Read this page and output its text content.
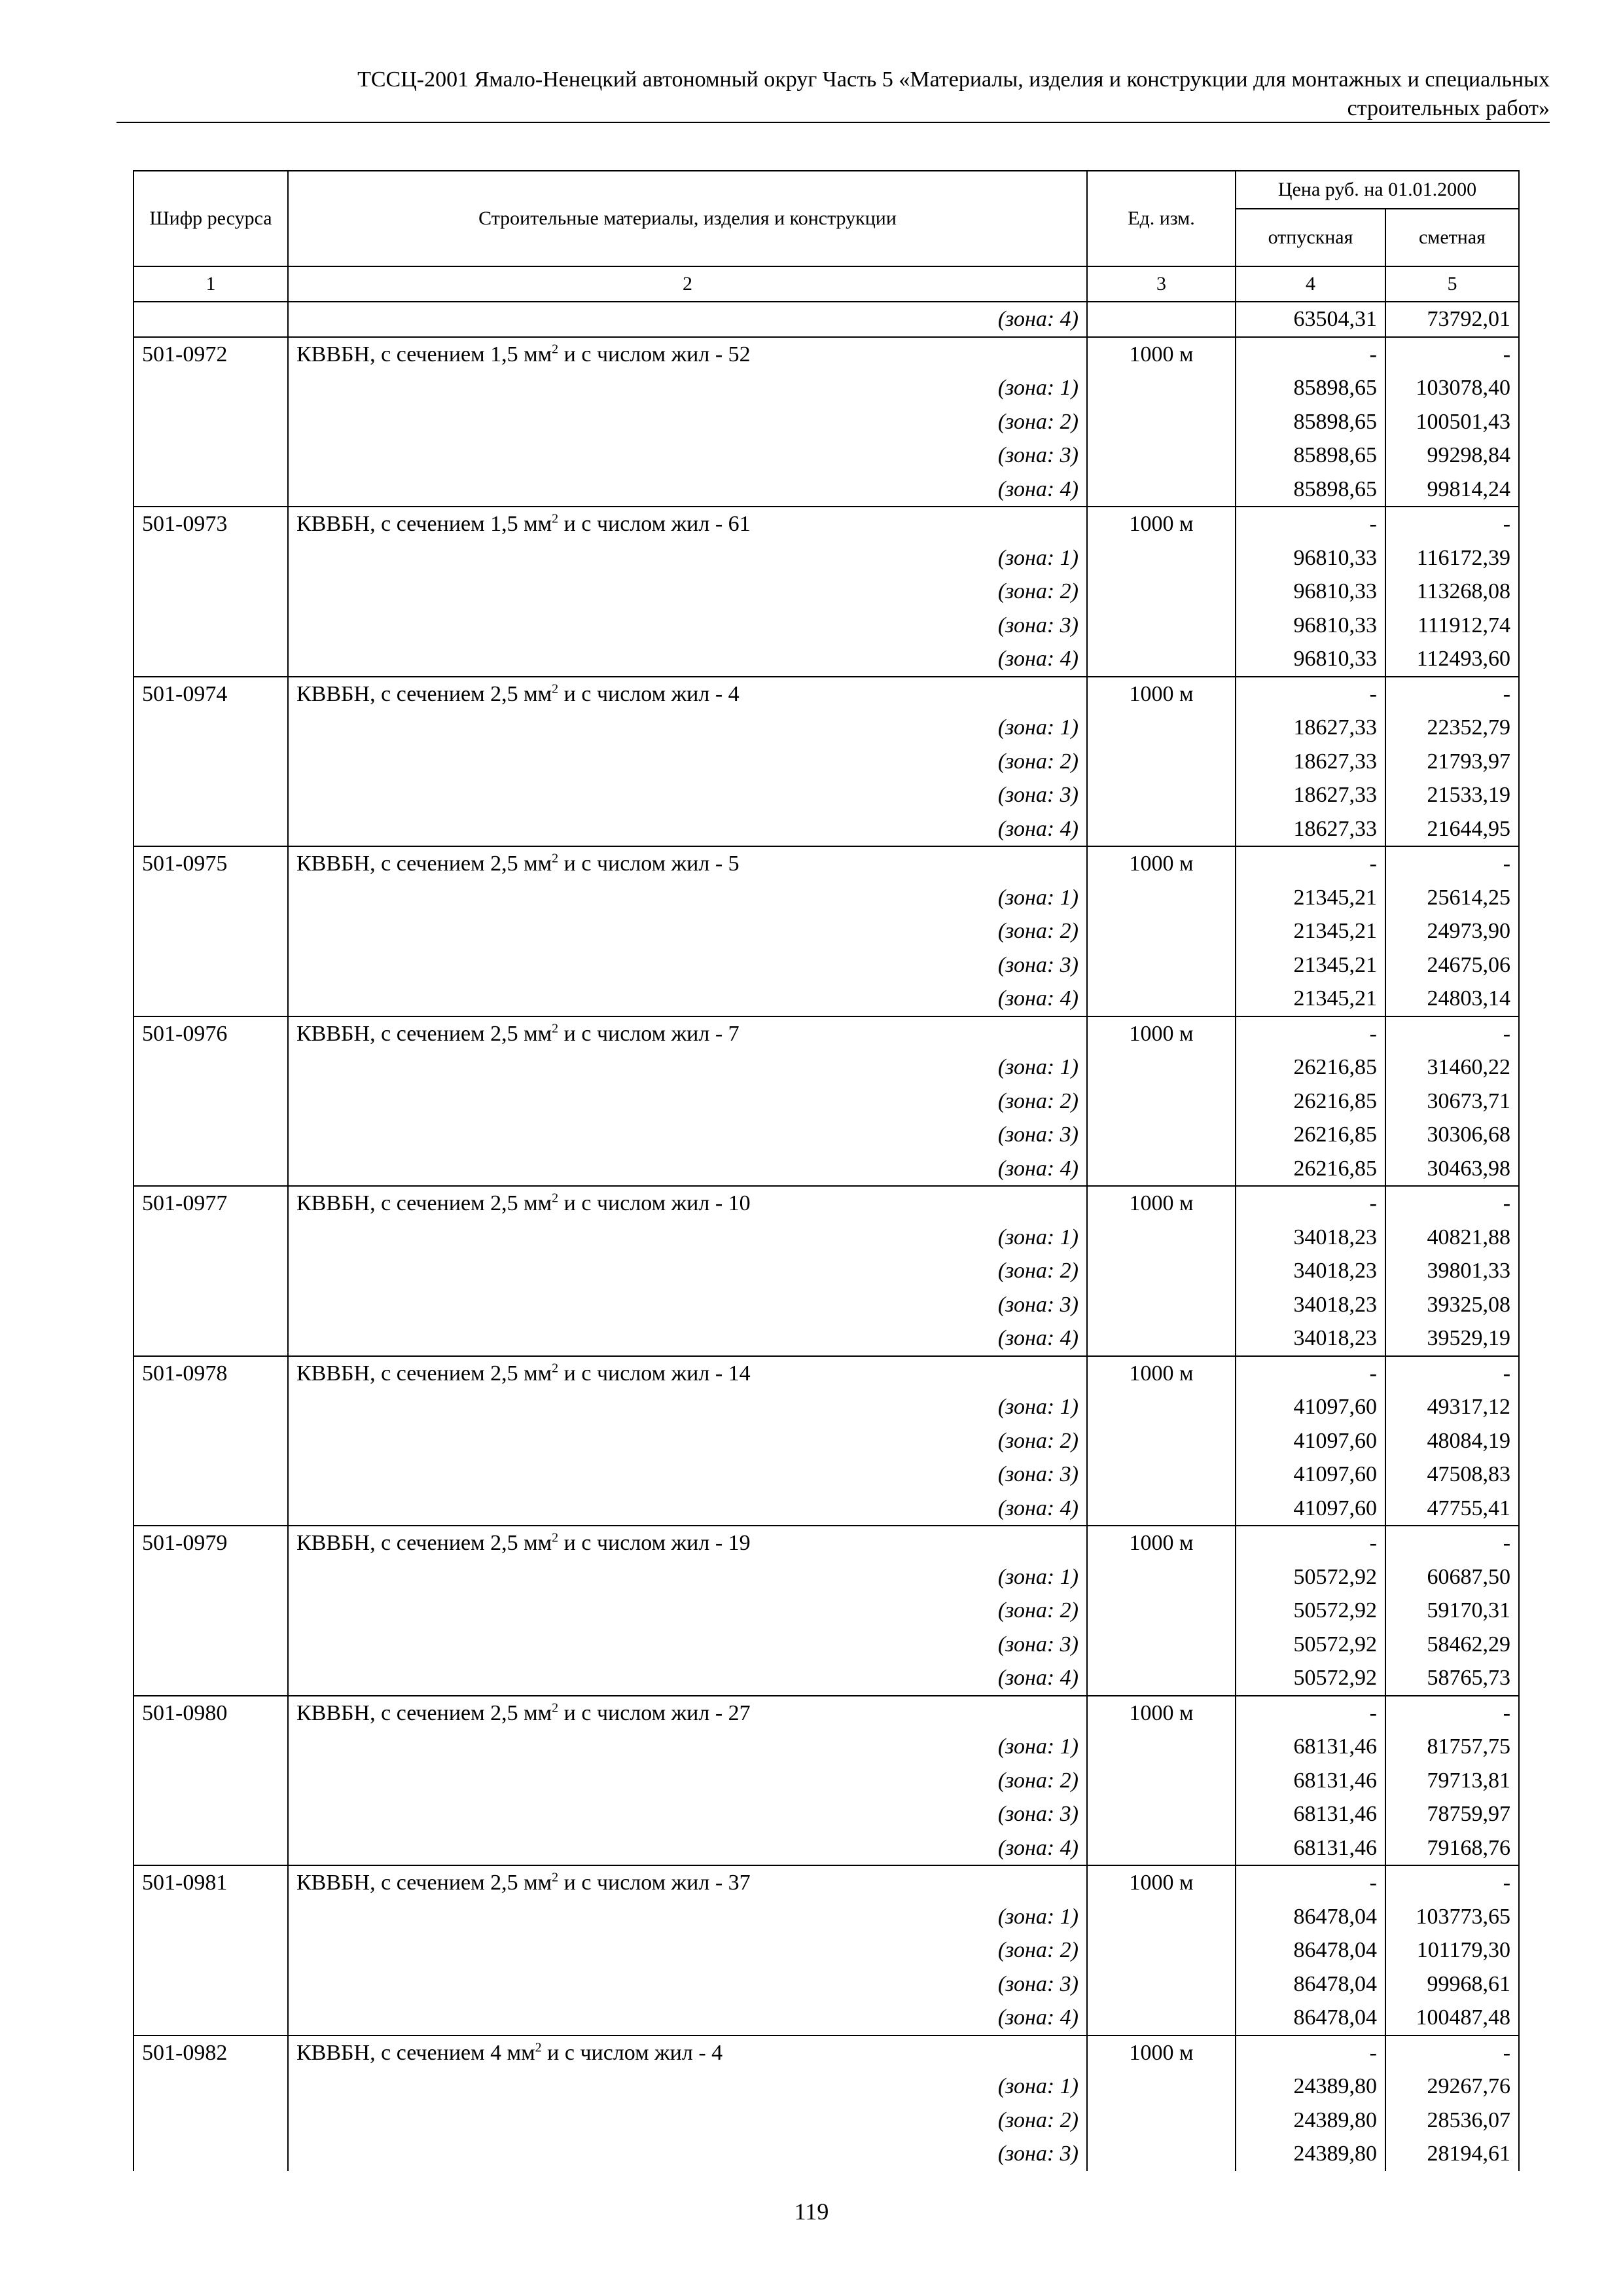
ТССЦ-2001 Ямало-Ненецкий автономный округ Часть 5 «Материалы, изделия и конструкции для монтажных и специальных
строительных работ»
Шифр ресурса	Строительные материалы, изделия и конструкции	Ед. изм.	Цена руб. на 01.01.2000	
			отпускная	сметная
1	2	3	4	5
	(зона: 4)		63504,31	73792,01
501-0972	КВВБН, с сечением 1,5 $мм^2$ и с числом жил - 52	1000 м	-	-
	(зона: 1)		85898,65	103078,40
	(зона: 2)		85898,65	100501,43
	(зона: 3)		85898,65	99298,84
	(зона: 4)		85898,65	99814,24
501-0973	КВВБН, с сечением 1,5 $мм^2$ и с числом жил - 61	1000 м	-	-
	(зона: 1)		96810,33	116172,39
	(зона: 2)		96810,33	113268,08
	(зона: 3)		96810,33	111912,74
	(зона: 4)		96810,33	112493,60
501-0974	КВВБН, с сечением 2,5 $мм^2$ и с числом жил - 4	1000 м	-	-
	(зона: 1)		18627,33	22352,79
	(зона: 2)		18627,33	21793,97
	(зона: 3)		18627,33	21533,19
	(зона: 4)		18627,33	21644,95
501-0975	КВВБН, с сечением 2,5 $мм^2$ и с числом жил - 5	1000 м	-	-
	(зона: 1)		21345,21	25614,25
	(зона: 2)		21345,21	24973,90
	(зона: 3)		21345,21	24675,06
	(зона: 4)		21345,21	24803,14
501-0976	КВВБН, с сечением 2,5 $мм^2$ и с числом жил - 7	1000 м	-	-
	(зона: 1)		26216,85	31460,22
	(зона: 2)		26216,85	30673,71
	(зона: 3)		26216,85	30306,68
	(зона: 4)		26216,85	30463,98
501-0977	КВВБН, с сечением 2,5 $мм^2$ и с числом жил - 10	1000 м	-	-
	(зона: 1)		34018,23	40821,88
	(зона: 2)		34018,23	39801,33
	(зона: 3)		34018,23	39325,08
	(зона: 4)		34018,23	39529,19
501-0978	КВВБН, с сечением 2,5 $мм^2$ и с числом жил - 14	1000 м	-	-
	(зона: 1)		41097,60	49317,12
	(зона: 2)		41097,60	48084,19
	(зона: 3)		41097,60	47508,83
	(зона: 4)		41097,60	47755,41
501-0979	КВВБН, с сечением 2,5 $мм^2$ и с числом жил - 19	1000 м	-	-
	(зона: 1)		50572,92	60687,50
	(зона: 2)		50572,92	59170,31
	(зона: 3)		50572,92	58462,29
	(зона: 4)		50572,92	58765,73
501-0980	КВВБН, с сечением 2,5 $мм^2$ и с числом жил - 27	1000 м	-	-
	(зона: 1)		68131,46	81757,75
	(зона: 2)		68131,46	79713,81
	(зона: 3)		68131,46	78759,97
	(зона: 4)		68131,46	79168,76
501-0981	КВВБН, с сечением 2,5 $мм^2$ и с числом жил - 37	1000 м	-	-
	(зона: 1)		86478,04	103773,65
	(зона: 2)		86478,04	101179,30
	(зона: 3)		86478,04	99968,61
	(зона: 4)		86478,04	100487,48
501-0982	КВВБН, с сечением 4 $мм^2$ и с числом жил - 4	1000 м	-	-
	(зона: 1)		24389,80	29267,76
	(зона: 2)		24389,80	28536,07
	(зона: 3)		24389,80	28194,61
119
